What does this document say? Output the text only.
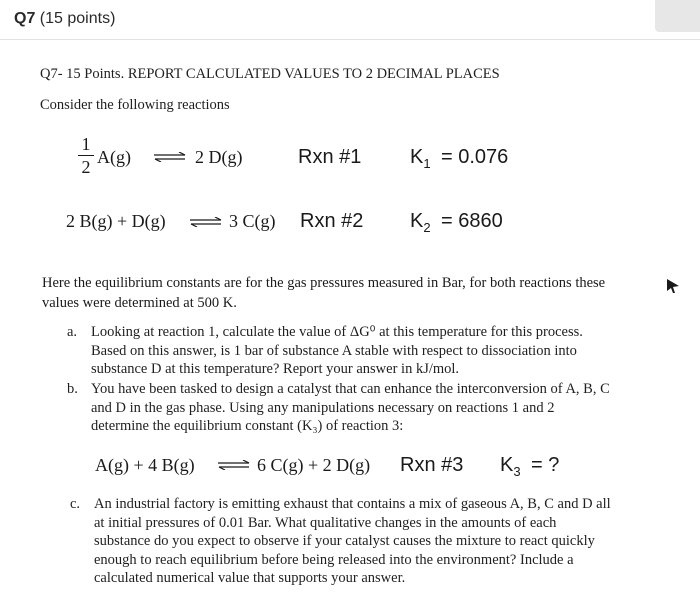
Q7 (15 points)
Q7- 15 Points. REPORT CALCULATED VALUES TO 2 DECIMAL PLACES
Consider the following reactions
1
2 A(g) ⇌ 2 D(g)	Rxn #1 $K_1 = 0.076$
2 B(g) + D(g) ⇌ 3 C(g) Rxn #2 $K_2 = 6860$
Here the equilibrium constants are for the gas pressures measured in Bar, for both reactions these
values were determined at 500 K.
a. Looking at reaction 1, calculate the value of ΔG⁰ at this temperature for this process.
Based on this answer, is 1 bar of substance A stable with respect to dissociation into
substance D at this temperature? Report your answer in kJ/mol.
b. You have been tasked to design a catalyst that can enhance the interconversion of A, B, C
and D in the gas phase. Using any manipulations necessary on reactions 1 and 2
determine the equilibrium constant (K₃) of reaction 3:
A(g) + 4 B(g) ⇌ 6 C(g) + 2 D(g) Rxn #3 $K_3$ = ?
c. An industrial factory is emitting exhaust that contains a mix of gaseous A, B, C and D all
at initial pressures of 0.01 Bar. What qualitative changes in the amounts of each
substance do you expect to observe if your catalyst causes the mixture to react quickly
enough to reach equilibrium before being released into the environment? Include a
calculated numerical value that supports your answer.
